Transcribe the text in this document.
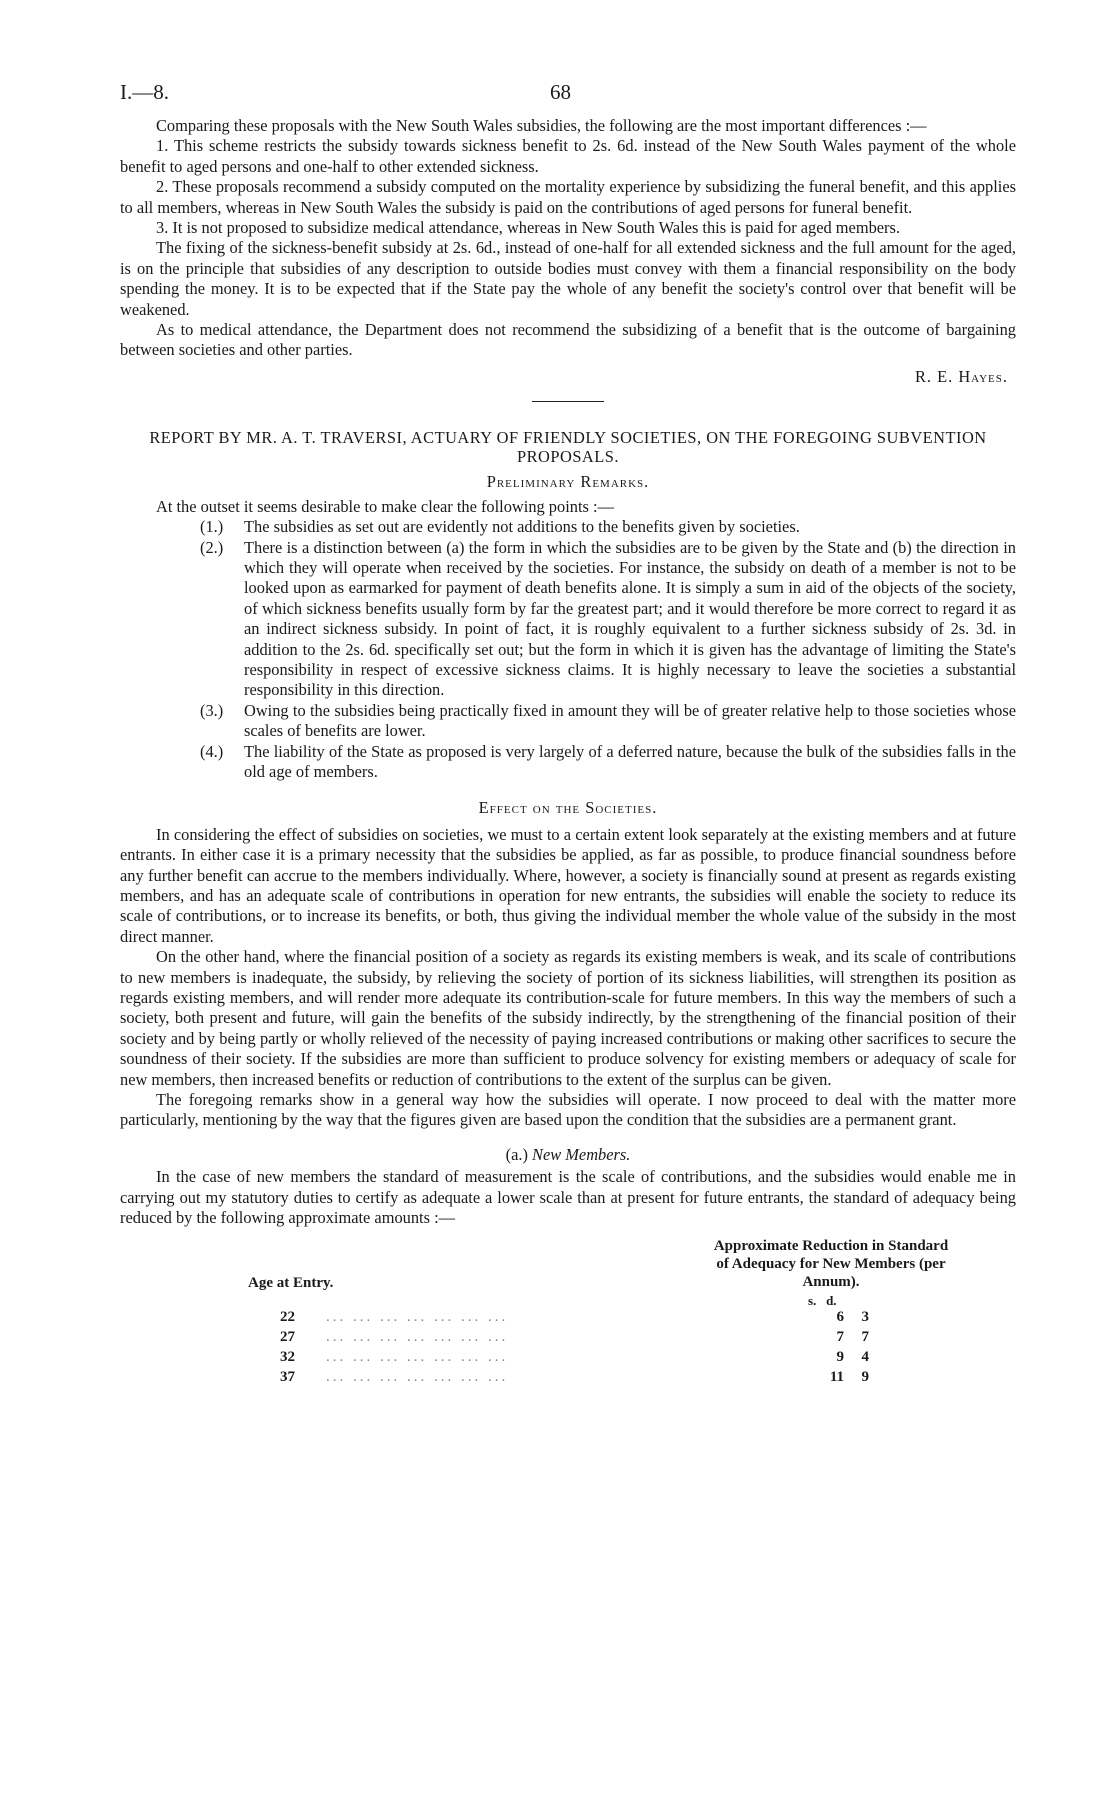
I.—8.	68

Comparing these proposals with the New South Wales subsidies, the following are the most important differences :—

1. This scheme restricts the subsidy towards sickness benefit to 2s. 6d. instead of the New South Wales payment of the whole benefit to aged persons and one-half to other extended sickness.

2. These proposals recommend a subsidy computed on the mortality experience by subsidizing the funeral benefit, and this applies to all members, whereas in New South Wales the subsidy is paid on the contributions of aged persons for funeral benefit.

3. It is not proposed to subsidize medical attendance, whereas in New South Wales this is paid for aged members.

The fixing of the sickness-benefit subsidy at 2s. 6d., instead of one-half for all extended sickness and the full amount for the aged, is on the principle that subsidies of any description to outside bodies must convey with them a financial responsibility on the body spending the money. It is to be expected that if the State pay the whole of any benefit the society's control over that benefit will be weakened.

As to medical attendance, the Department does not recommend the subsidizing of a benefit that is the outcome of bargaining between societies and other parties.

R. E. Hayes.

REPORT BY MR. A. T. TRAVERSI, ACTUARY OF FRIENDLY SOCIETIES, ON THE FOREGOING SUBVENTION PROPOSALS.

Preliminary Remarks.

At the outset it seems desirable to make clear the following points :—

(1.) The subsidies as set out are evidently not additions to the benefits given by societies.
(2.) There is a distinction between (a) the form in which the subsidies are to be given by the State and (b) the direction in which they will operate when received by the societies. For instance, the subsidy on death of a member is not to be looked upon as earmarked for payment of death benefits alone. It is simply a sum in aid of the objects of the society, of which sickness benefits usually form by far the greatest part; and it would therefore be more correct to regard it as an indirect sickness subsidy. In point of fact, it is roughly equivalent to a further sickness subsidy of 2s. 3d. in addition to the 2s. 6d. specifically set out; but the form in which it is given has the advantage of limiting the State's responsibility in respect of excessive sickness claims. It is highly necessary to leave the societies a substantial responsibility in this direction.
(3.) Owing to the subsidies being practically fixed in amount they will be of greater relative help to those societies whose scales of benefits are lower.
(4.) The liability of the State as proposed is very largely of a deferred nature, because the bulk of the subsidies falls in the old age of members.

Effect on the Societies.

In considering the effect of subsidies on societies, we must to a certain extent look separately at the existing members and at future entrants. In either case it is a primary necessity that the subsidies be applied, as far as possible, to produce financial soundness before any further benefit can accrue to the members individually. Where, however, a society is financially sound at present as regards existing members, and has an adequate scale of contributions in operation for new entrants, the subsidies will enable the society to reduce its scale of contributions, or to increase its benefits, or both, thus giving the individual member the whole value of the subsidy in the most direct manner.

On the other hand, where the financial position of a society as regards its existing members is weak, and its scale of contributions to new members is inadequate, the subsidy, by relieving the society of portion of its sickness liabilities, will strengthen its position as regards existing members, and will render more adequate its contribution-scale for future members. In this way the members of such a society, both present and future, will gain the benefits of the subsidy indirectly, by the strengthening of the financial position of their society and by being partly or wholly relieved of the necessity of paying increased contributions or making other sacrifices to secure the soundness of their society. If the subsidies are more than sufficient to produce solvency for existing members or adequacy of scale for new members, then increased benefits or reduction of contributions to the extent of the surplus can be given.

The foregoing remarks show in a general way how the subsidies will operate. I now proceed to deal with the matter more particularly, mentioning by the way that the figures given are based upon the condition that the subsidies are a permanent grant.

(a.) New Members.

In the case of new members the standard of measurement is the scale of contributions, and the subsidies would enable me in carrying out my statutory duties to certify as adequate a lower scale than at present for future entrants, the standard of adequacy being reduced by the following approximate amounts :—

Approximate Reduction in Standard of Adequacy for New Members (per Annum).
Age at Entry.
s. d.
22	... ... ... ... ... ... ...	6	3
27	... ... ... ... ... ... ...	7	7
32	... ... ... ... ... ... ...	9	4
37	... ... ... ... ... ... ...	11	9
